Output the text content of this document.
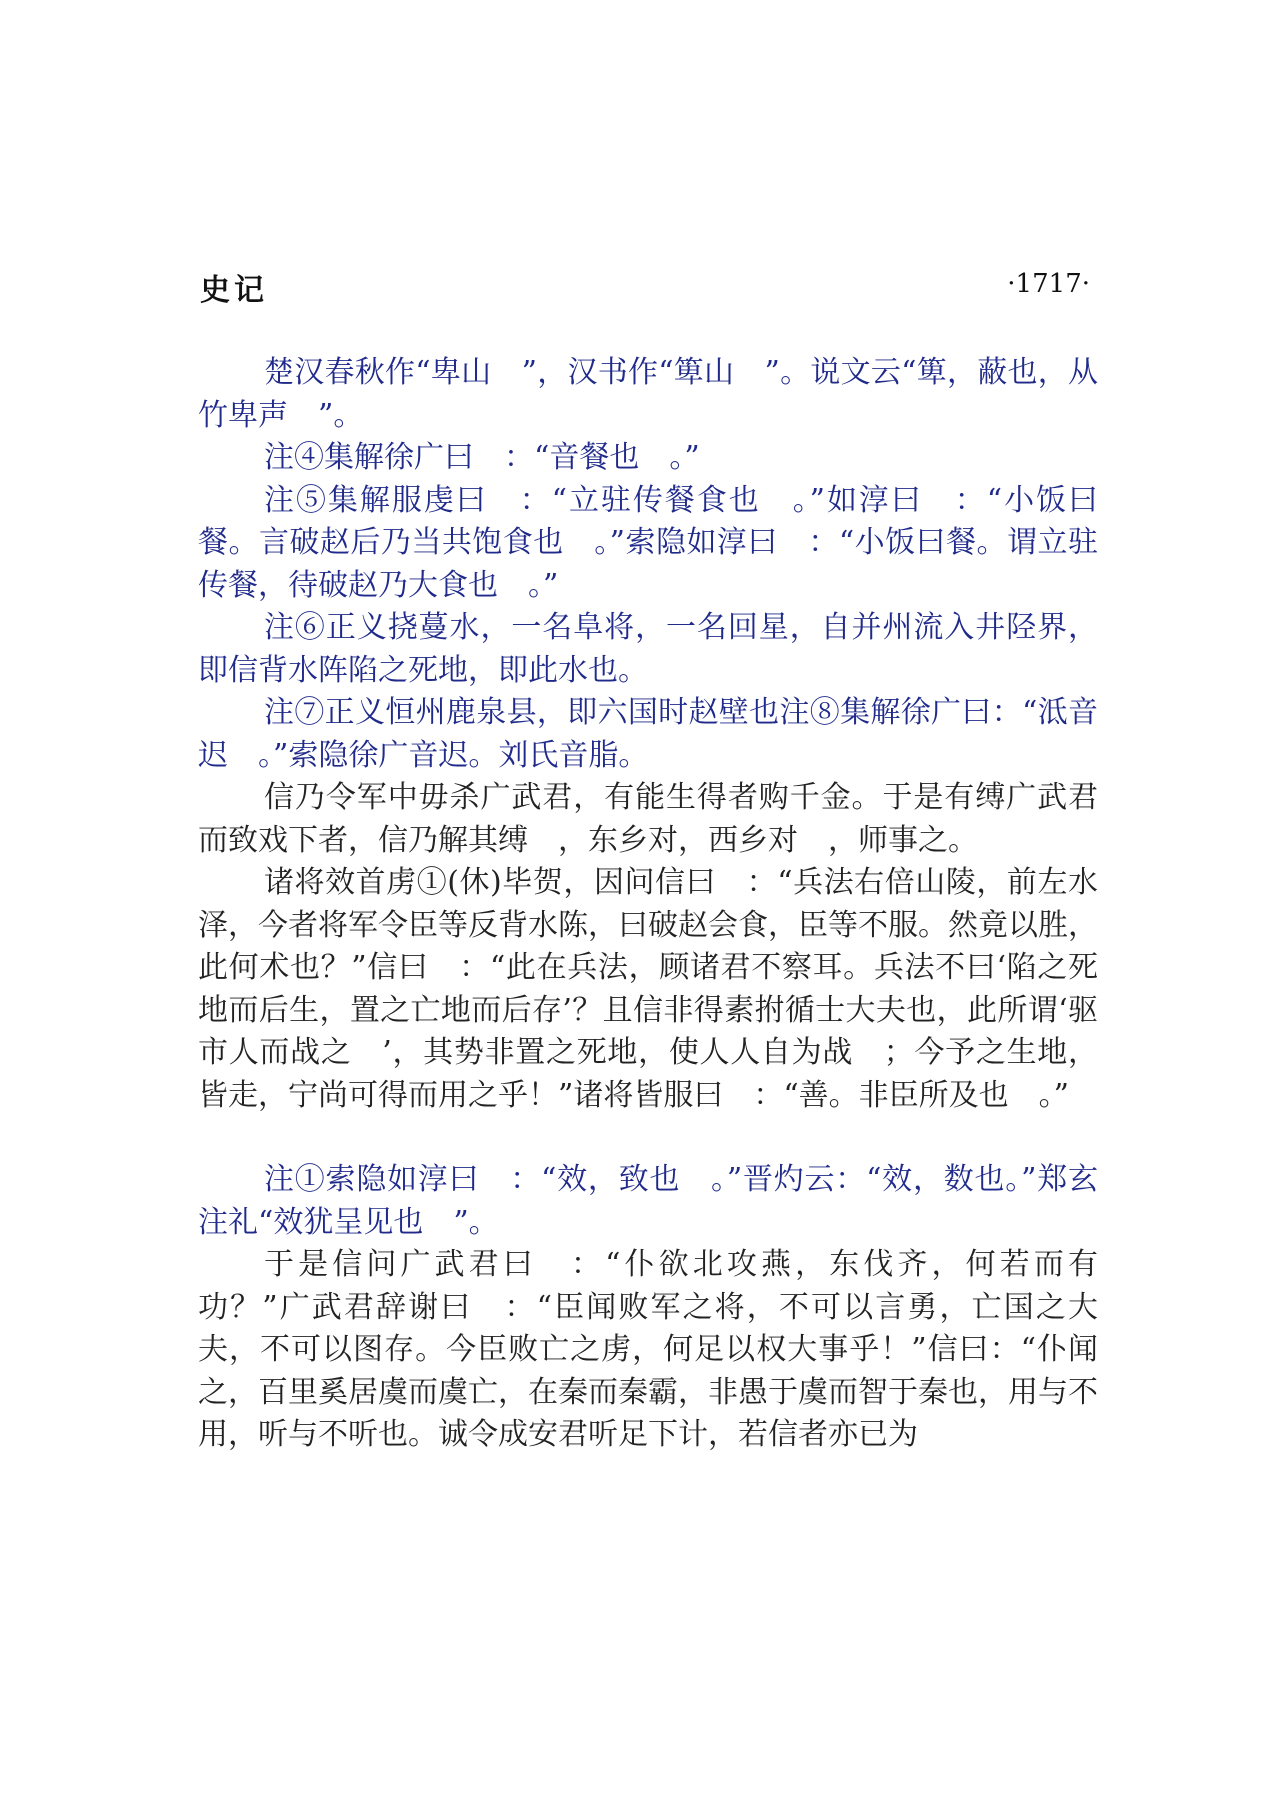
史记	·1717·

楚汉春秋作“卑山　”，汉书作“箄山　”。说文云“箄，蔽也，从竹卑声　”。

注④集解徐广曰　：“音餐也　。”

注⑤集解服虔曰　：“立驻传餐食也　。”如淳曰　：“小饭曰餐。言破赵后乃当共饱食也　。”索隐如淳曰　：“小饭曰餐。谓立驻传餐，待破赵乃大食也　。”

注⑥正义挠蔓水，一名阜将，一名回星，自并州流入井陉界，即信背水阵陷之死地，即此水也。

注⑦正义恒州鹿泉县，即六国时赵壁也注⑧集解徐广曰：“泜音迟　。”索隐徐广音迟。刘氏音脂。

信乃令军中毋杀广武君，有能生得者购千金。于是有缚广武君而致戏下者，信乃解其缚　，东乡对，西乡对　，师事之。

诸将效首虏①(休)毕贺，因问信曰　：“兵法右倍山陵，前左水泽，今者将军令臣等反背水陈，曰破赵会食，臣等不服。然竟以胜，此何术也？”信曰　：“此在兵法，顾诸君不察耳。兵法不曰‘陷之死地而后生，置之亡地而后存’？且信非得素拊循士大夫也，此所谓‘驱市人而战之　’，其势非置之死地，使人人自为战　；今予之生地，皆走，宁尚可得而用之乎！”诸将皆服曰　：“善。非臣所及也　。”

注①索隐如淳曰　：“效，致也　。”晋灼云：“效，数也。”郑玄注礼“效犹呈见也　”。

于是信问广武君曰　：“仆欲北攻燕，东伐齐，何若而有功？”广武君辞谢曰　：“臣闻败军之将，不可以言勇，亡国之大夫，不可以图存。今臣败亡之虏，何足以权大事乎！”信曰：“仆闻之，百里奚居虞而虞亡，在秦而秦霸，非愚于虞而智于秦也，用与不用，听与不听也。诚令成安君听足下计，若信者亦已为
